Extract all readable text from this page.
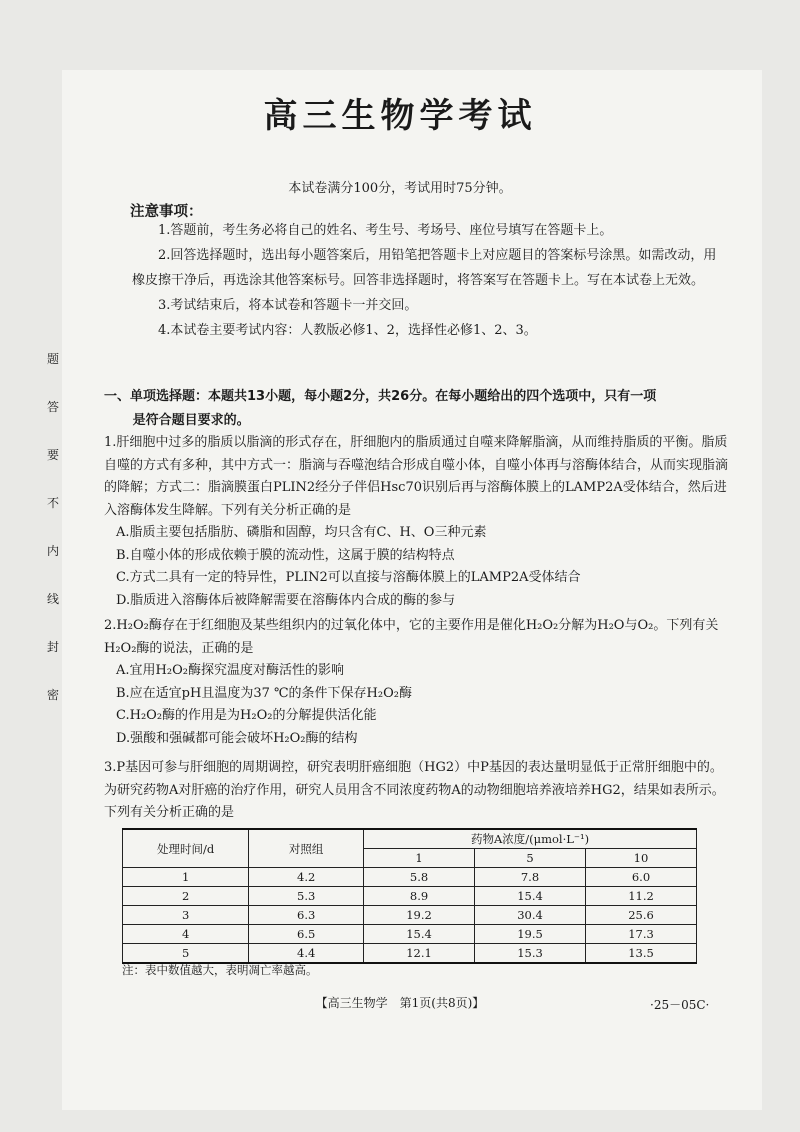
题
答
要
不
内
线
封
密
高三生物学考试
本试卷满分100分，考试用时75分钟。
注意事项：
1.答题前，考生务必将自己的姓名、考生号、考场号、座位号填写在答题卡上。
2.回答选择题时，选出每小题答案后，用铅笔把答题卡上对应题目的答案标号涂黑。如需改动，用橡皮擦干净后，再选涂其他答案标号。回答非选择题时，将答案写在答题卡上。写在本试卷上无效。
3.考试结束后，将本试卷和答题卡一并交回。
4.本试卷主要考试内容：人教版必修1、2，选择性必修1、2、3。
一、单项选择题：本题共13小题，每小题2分，共26分。在每小题给出的四个选项中，只有一项
是符合题目要求的。
1.肝细胞中过多的脂质以脂滴的形式存在，肝细胞内的脂质通过自噬来降解脂滴，从而维持脂质的平衡。脂质自噬的方式有多种，其中方式一：脂滴与吞噬泡结合形成自噬小体，自噬小体再与溶酶体结合，从而实现脂滴的降解；方式二：脂滴膜蛋白PLIN2经分子伴侣Hsc70识别后再与溶酶体膜上的LAMP2A受体结合，然后进入溶酶体发生降解。下列有关分析正确的是
A.脂质主要包括脂肪、磷脂和固醇，均只含有C、H、O三种元素
B.自噬小体的形成依赖于膜的流动性，这属于膜的结构特点
C.方式二具有一定的特异性，PLIN2可以直接与溶酶体膜上的LAMP2A受体结合
D.脂质进入溶酶体后被降解需要在溶酶体内合成的酶的参与
2.H₂O₂酶存在于红细胞及某些组织内的过氧化体中，它的主要作用是催化H₂O₂分解为H₂O与O₂。下列有关H₂O₂酶的说法，正确的是
A.宜用H₂O₂酶探究温度对酶活性的影响
B.应在适宜pH且温度为37 ℃的条件下保存H₂O₂酶
C.H₂O₂酶的作用是为H₂O₂的分解提供活化能
D.强酸和强碱都可能会破坏H₂O₂酶的结构
3.P基因可参与肝细胞的周期调控，研究表明肝癌细胞（HG2）中P基因的表达量明显低于正常肝细胞中的。为研究药物A对肝癌的治疗作用，研究人员用含不同浓度药物A的动物细胞培养液培养HG2，结果如表所示。下列有关分析正确的是
处理时间/d	对照组	药物A浓度/(μmol·L⁻¹)		
		1	5	10
1	4.2	5.8	7.8	6.0
2	5.3	8.9	15.4	11.2
3	6.3	19.2	30.4	25.6
4	6.5	15.4	19.5	17.3
5	4.4	12.1	15.3	13.5
注：表中数值越大，表明凋亡率越高。
【高三生物学　第1页(共8页)】	·25－05C·
